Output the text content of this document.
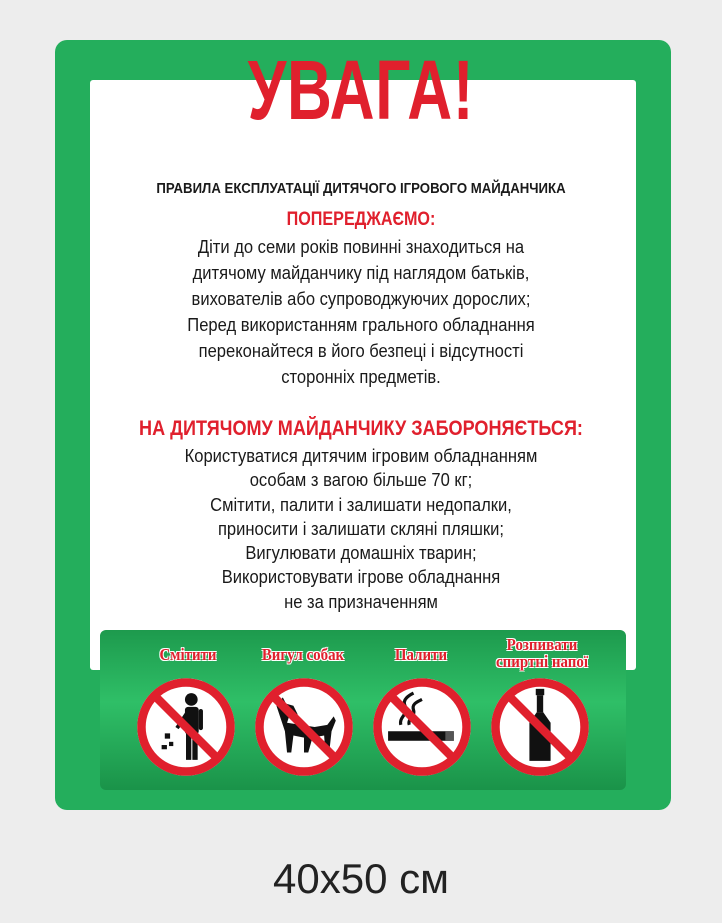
УВАГА!
ПРАВИЛА ЕКСПЛУАТАЦІЇ ДИТЯЧОГО ІГРОВОГО МАЙДАНЧИКА
ПОПЕРЕДЖАЄМО:
Діти до семи років повинні знаходиться на
дитячому майданчику під наглядом батьків,
вихователів або супроводжуючих дорослих;
Перед використанням грального обладнання
переконайтеся в його безпеці і відсутності
сторонніх предметів.
НА ДИТЯЧОМУ МАЙДАНЧИКУ ЗАБОРОНЯЄТЬСЯ:
Користуватися дитячим ігровим обладнанням
особам з вагою більше 70 кг;
Смітити, палити і залишати недопалки,
приносити і залишати скляні пляшки;
Вигулювати домашніх тварин;
Використовувати ігрове обладнання
не за призначенням
Смітити	Вигул собак	Палити
Розпивати
спиртні напої
40x50 см
